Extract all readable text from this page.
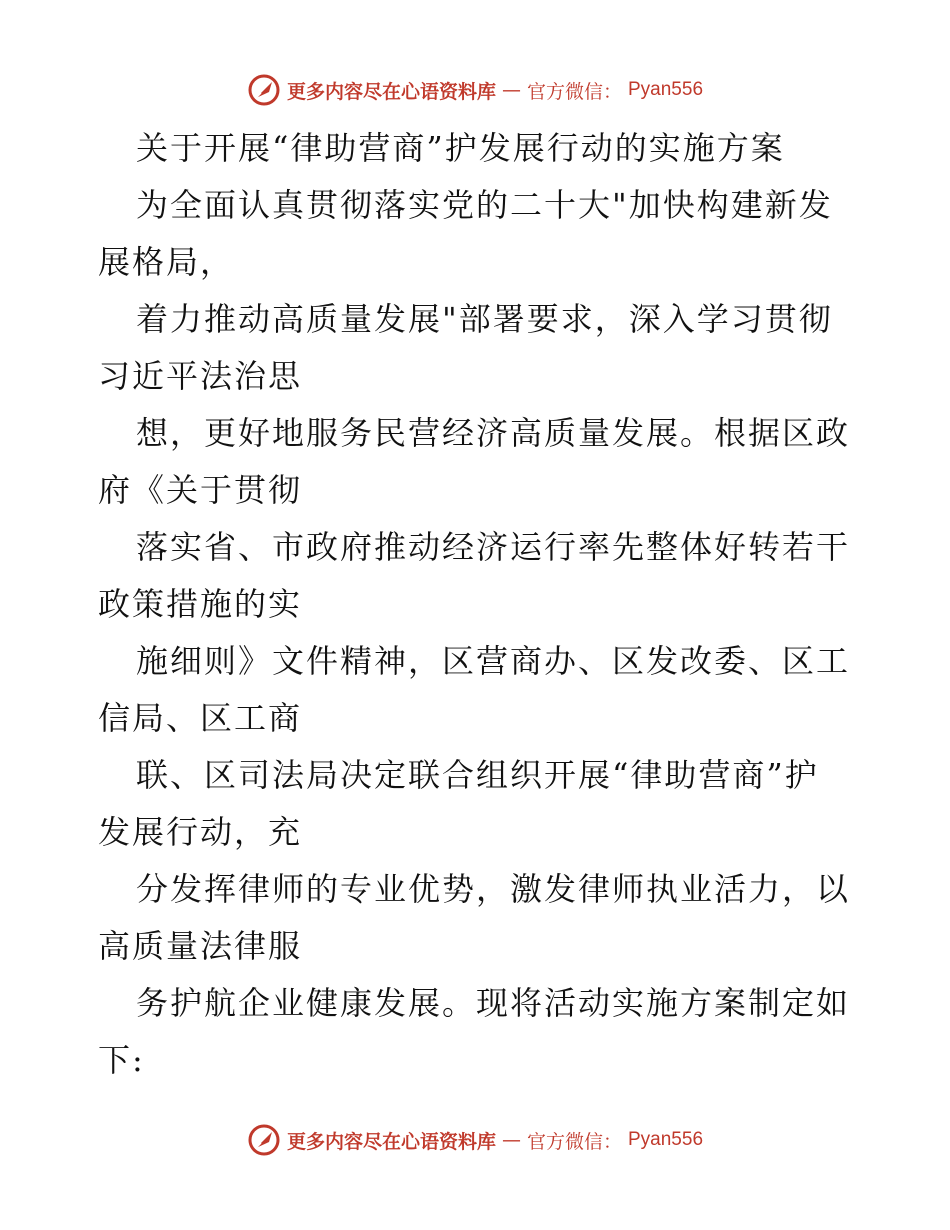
更多内容尽在心语资料库 — 官方微信： Pyan556
关于开展“律助营商”护发展行动的实施方案
为全面认真贯彻落实党的二十大"加快构建新发
展格局，
着力推动高质量发展"部署要求，深入学习贯彻
习近平法治思
想，更好地服务民营经济高质量发展。根据区政
府《关于贯彻
落实省、市政府推动经济运行率先整体好转若干
政策措施的实
施细则》文件精神，区营商办、区发改委、区工
信局、区工商
联、区司法局决定联合组织开展“律助营商”护
发展行动，充
分发挥律师的专业优势，激发律师执业活力，以
高质量法律服
务护航企业健康发展。现将活动实施方案制定如
下:
更多内容尽在心语资料库 — 官方微信： Pyan556
